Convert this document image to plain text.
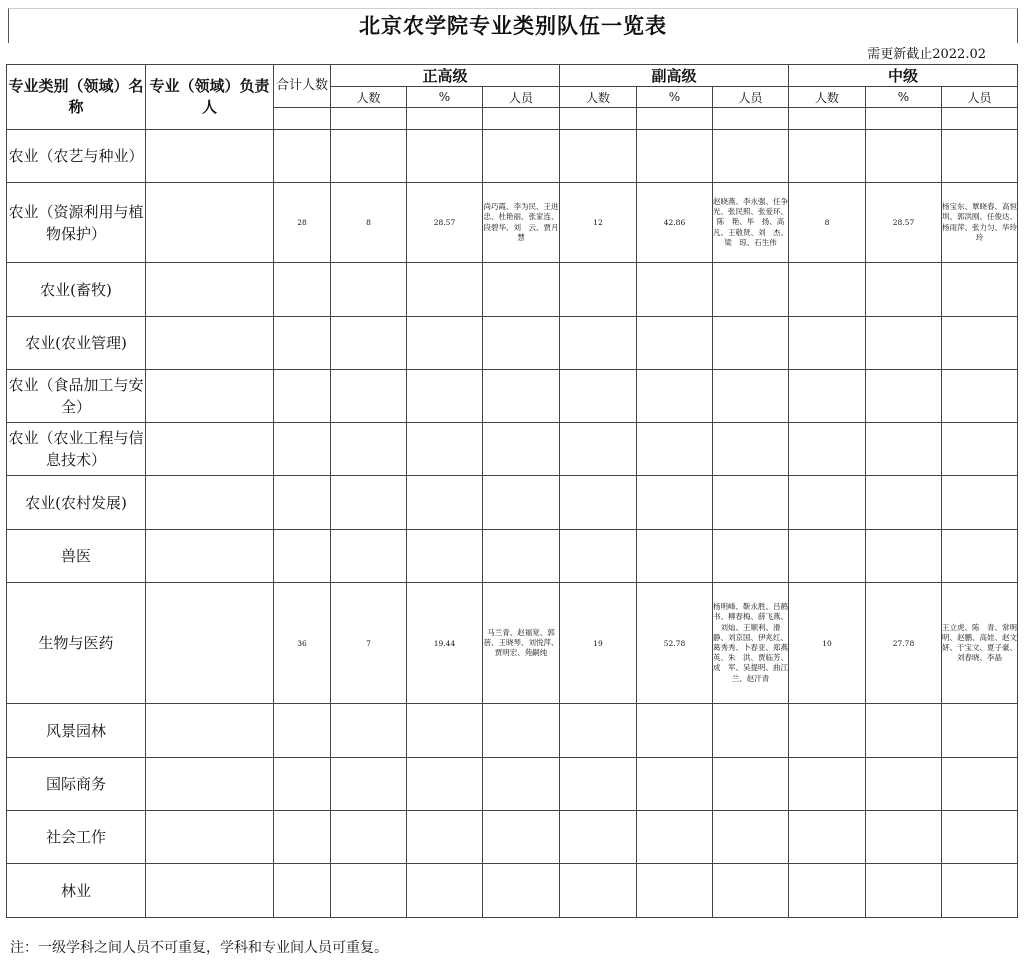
北京农学院专业类别队伍一览表
需更新截止2022.02
专业类别（领域）名称	专业（领域）负责人	合计人数	正高级			副高级			中级		
			人数	%	人员	人数	%	人员	人数	%	人员

农业（农艺与种业）											
农业（资源利用与植物保护）		28	8	28.57	尚巧霞、李为民、王进忠、杜艳丽、张家连、段碧华、刘　云、贾月慧	12	42.86	赵晓燕、李永强、任争光、张民照、张爱环、陈　艳、毕　扬、高　凡、王敬贤、刘　杰、梁　琼、石生伟	8	28.57	杨宝东、覃晓春、高恒圳、郭洪刚、任俊达、杨雨萍、张力匀、华玲玲
农业(畜牧)											
农业(农业管理)											
农业（食品加工与安全）											
农业（农业工程与信息技术）											
农业(农村发展)											
兽医											
生物与医药		36	7	19.44	马兰青、赵福宽、郭　蓓、王晓琴、刘悦萍、贾明宏、苑嗣纯	19	52.78	杨明峰、靳永胜、吕鹤书、柳春梅、薛飞燕、刘灿、王顺利、滑　静、刘京国、伊兆红、葛秀秀、卜春亚、郑燕英、朱　洪、贾临芳、成　军、吴提明、曲江兰、赵汗青	10	27.78	王立虎、陈　青、常明明、赵鹏、高娃、赵文妍、于宝文、夏子豪、刘春晓、李晶
风景园林											
国际商务											
社会工作											
林业											
注：一级学科之间人员不可重复，学科和专业间人员可重复。
